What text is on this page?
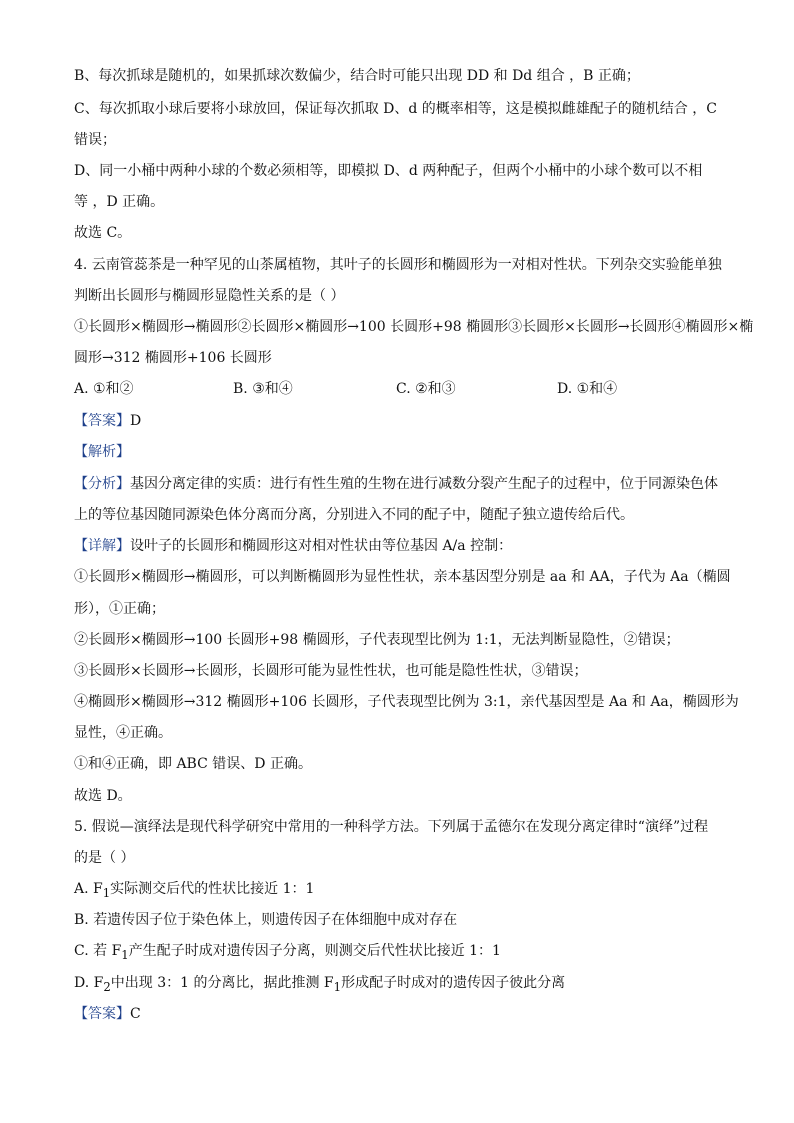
B、每次抓球是随机的，如果抓球次数偏少，结合时可能只出现 DD 和 Dd 组合 ，B 正确；
C、每次抓取小球后要将小球放回，保证每次抓取 D、d 的概率相等，这是模拟雌雄配子的随机结合 ，C
错误；
D、同一小桶中两种小球的个数必须相等，即模拟 D、d 两种配子，但两个小桶中的小球个数可以不相
等 ，D 正确。
故选 C。
4. 云南管蕊茶是一种罕见的山茶属植物，其叶子的长圆形和椭圆形为一对相对性状。下列杂交实验能单独
判断出长圆形与椭圆形显隐性关系的是（ ）
①长圆形×椭圆形→椭圆形②长圆形×椭圆形→100 长圆形+98 椭圆形③长圆形×长圆形→长圆形④椭圆形×椭
圆形→312 椭圆形+106 长圆形
A. ①和②	B. ③和④	C. ②和③	D. ①和④
【答案】D
【解析】
【分析】基因分离定律的实质：进行有性生殖的生物在进行减数分裂产生配子的过程中，位于同源染色体
上的等位基因随同源染色体分离而分离，分别进入不同的配子中，随配子独立遗传给后代。
【详解】设叶子的长圆形和椭圆形这对相对性状由等位基因 A/a 控制：
①长圆形×椭圆形→椭圆形，可以判断椭圆形为显性性状，亲本基因型分别是 aa 和 AA，子代为 Aa（椭圆
形），①正确；
②长圆形×椭圆形→100 长圆形+98 椭圆形，子代表现型比例为 1:1，无法判断显隐性，②错误；
③长圆形×长圆形→长圆形，长圆形可能为显性性状，也可能是隐性性状，③错误；
④椭圆形×椭圆形→312 椭圆形+106 长圆形，子代表现型比例为 3:1，亲代基因型是 Aa 和 Aa，椭圆形为
显性，④正确。
①和④正确，即 ABC 错误、D 正确。
故选 D。
5. 假说—演绎法是现代科学研究中常用的一种科学方法。下列属于孟德尔在发现分离定律时“演绎”过程
的是（ ）
A. $F_1$实际测交后代的性状比接近 1：1
B. 若遗传因子位于染色体上，则遗传因子在体细胞中成对存在
C. 若 $F_1$产生配子时成对遗传因子分离，则测交后代性状比接近 1：1
D. $F_2$中出现 3：1 的分离比，据此推测 $F_1$形成配子时成对的遗传因子彼此分离
【答案】C
